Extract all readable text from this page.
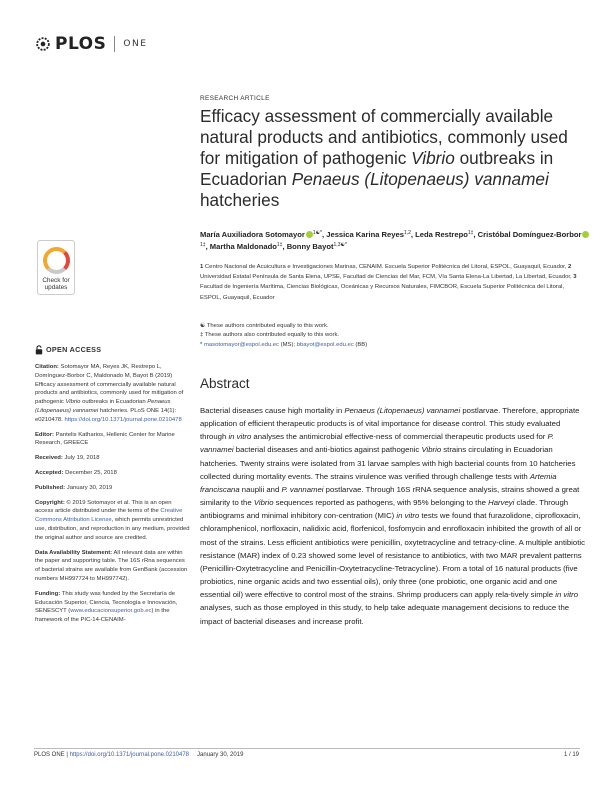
PLOS ONE
RESEARCH ARTICLE
Efficacy assessment of commercially available natural products and antibiotics, commonly used for mitigation of pathogenic Vibrio outbreaks in Ecuadorian Penaeus (Litopenaeus) vannamei hatcheries
María Auxiliadora Sotomayor $^{1☯*}$, Jessica Karina Reyes$^{1,2}$, Leda Restrepo$^{1\ddagger}$, Cristóbal Domínguez-Borbor$^{1\ddagger}$, Martha Maldonado$^{1\ddagger}$, Bonny Bayot$^{1,3☯*}$
1 Centro Nacional de Acuicultura e Investigaciones Marinas, CENAIM. Escuela Superior Politécnica del Litoral, ESPOL, Guayaquil, Ecuador, 2 Universidad Estatal Península de Santa Elena, UPSE, Facultad de Ciencias del Mar, FCM, Vía Santa Elena-La Libertad, La Libertad, Ecuador, 3 Facultad de Ingeniería Marítima, Ciencias Biológicas, Oceánicas y Recursos Naturales, FIMCBOR, Escuela Superior Politécnica del Litoral, ESPOL, Guayaquil, Ecuador
☯ These authors contributed equally to this work.
‡ These authors also contributed equally to this work.
* masotomayor@espol.edu.ec (MS); bbayot@espol.edu.ec (BB)
Check for
updates
OPEN ACCESS
Citation: Sotomayor MA, Reyes JK, Restrepo L, Domínguez-Borbor C, Maldonado M, Bayot B (2019) Efficacy assessment of commercially available natural products and antibiotics, commonly used for mitigation of pathogenic Vibrio outbreaks in Ecuadorian Penaeus (Litopenaeus) vannamei hatcheries. PLoS ONE 14(1): e0210478. https://doi.org/10.1371/journal.pone.0210478
Editor: Pantelis Katharios, Hellenic Center for Marine Research, GREECE
Received: July 19, 2018
Accepted: December 25, 2018
Published: January 30, 2019
Copyright: © 2019 Sotomayor et al. This is an open access article distributed under the terms of the Creative Commons Attribution License, which permits unrestricted use, distribution, and reproduction in any medium, provided the original author and source are credited.
Data Availability Statement: All relevant data are within the paper and supporting table. The 16S rRna sequences of bacterial strains are available from GenBank (accession numbers MH997724 to MH997742).
Funding: This study was funded by the Secretaría de Educación Superior, Ciencia, Tecnología e Innovación, SENESCYT (www.educacionsuperior.gob.ec) in the framework of the PIC-14-CENAIM-
Abstract
Bacterial diseases cause high mortality in Penaeus (Litopenaeus) vannamei postlarvae. Therefore, appropriate application of efficient therapeutic products is of vital importance for disease control. This study evaluated through in vitro analyses the antimicrobial effective-ness of commercial therapeutic products used for P. vannamei bacterial diseases and anti-biotics against pathogenic Vibrio strains circulating in Ecuadorian hatcheries. Twenty strains were isolated from 31 larvae samples with high bacterial counts from 10 hatcheries collected during mortality events. The strains virulence was verified through challenge tests with Artemia franciscana nauplii and P. vannamei postlarvae. Through 16S rRNA sequence analysis, strains showed a great similarity to the Vibrio sequences reported as pathogens, with 95% belonging to the Harveyi clade. Through antibiograms and minimal inhibitory con-centration (MIC) in vitro tests we found that furazolidone, ciprofloxacin, chloramphenicol, norfloxacin, nalidixic acid, florfenicol, fosfomycin and enrofloxacin inhibited the growth of all or most of the strains. Less efficient antibiotics were penicillin, oxytetracycline and tetracy-cline. A multiple antibiotic resistance (MAR) index of 0.23 showed some level of resistance to antibiotics, with two MAR prevalent patterns (Penicillin-Oxytetracycline and Penicillin-Oxytetracycline-Tetracycline). From a total of 16 natural products (five probiotics, nine organic acids and two essential oils), only three (one probiotic, one organic acid and one essential oil) were effective to control most of the strains. Shrimp producers can apply rela-tively simple in vitro analyses, such as those employed in this study, to help take adequate management decisions to reduce the impact of bacterial diseases and increase profit.
PLOS ONE | https://doi.org/10.1371/journal.pone.0210478 January 30, 2019	1 / 19
